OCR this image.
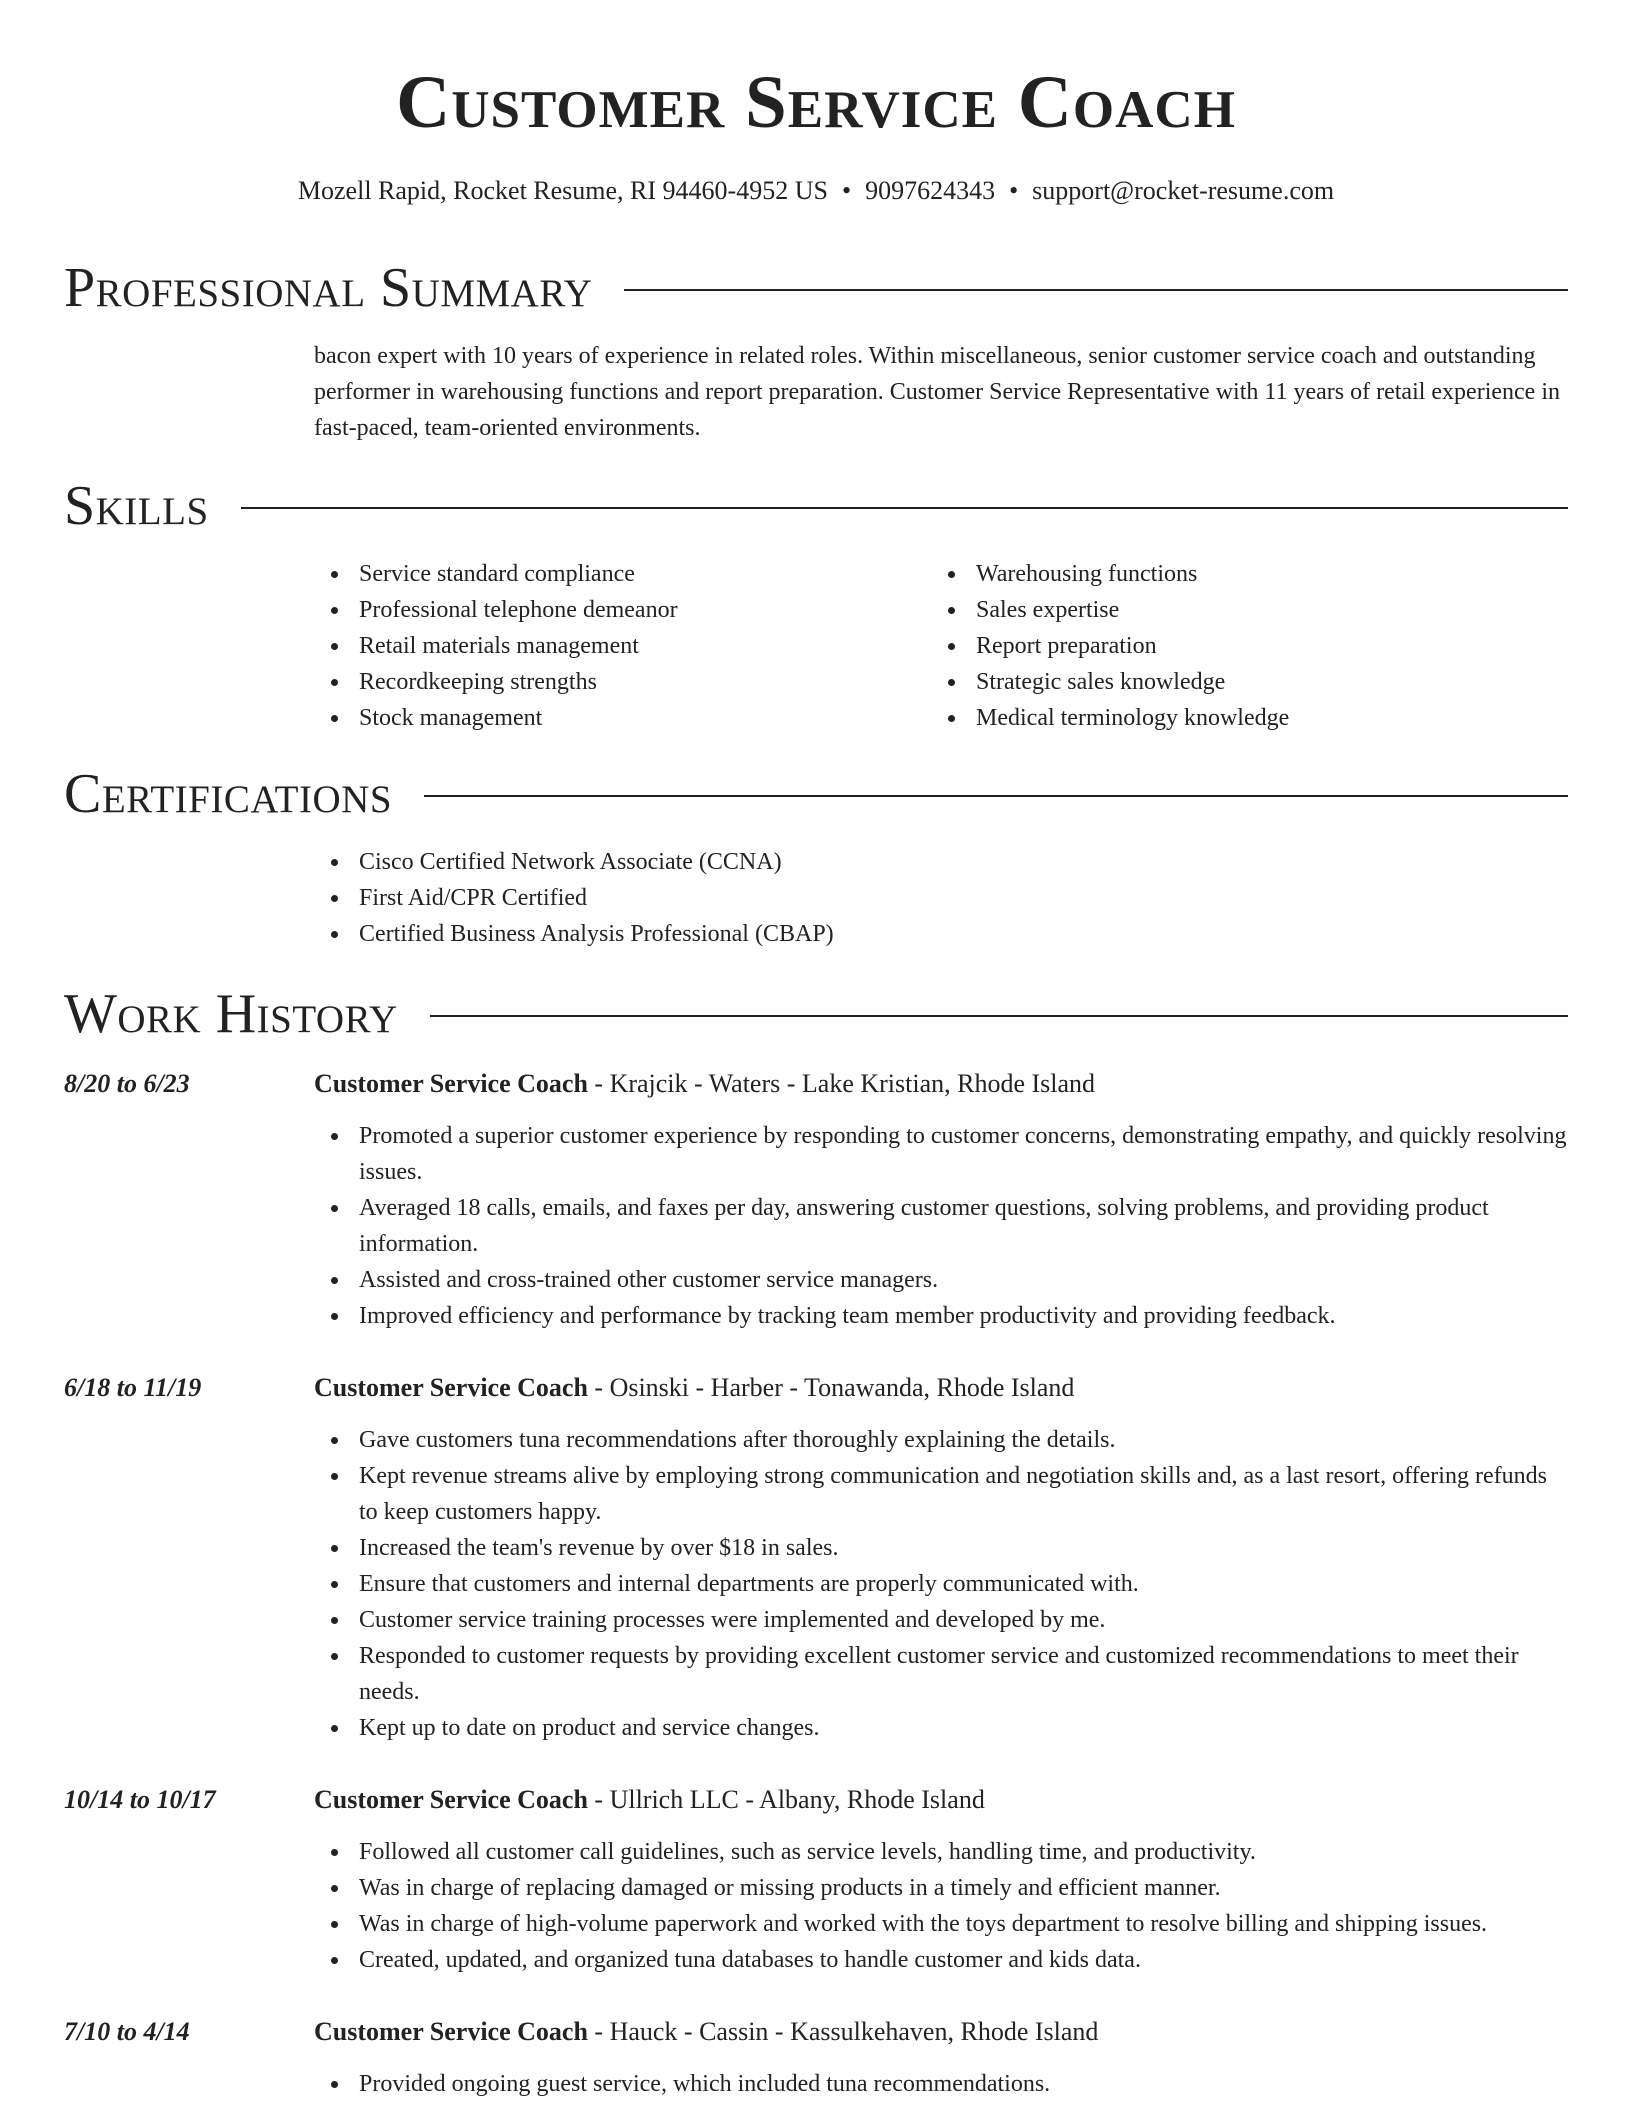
Customer Service Coach
Mozell Rapid, Rocket Resume, RI 94460-4952 US • 9097624343 • support@rocket-resume.com
Professional Summary

bacon expert with 10 years of experience in related roles. Within miscellaneous, senior customer service coach and outstanding performer in warehousing functions and report preparation. Customer Service Representative with 11 years of retail experience in fast-paced, team-oriented environments.

Skills
Service standard compliance
Professional telephone demeanor
Retail materials management
Recordkeeping strengths
Stock management
Warehousing functions
Sales expertise
Report preparation
Strategic sales knowledge
Medical terminology knowledge
Certifications
Cisco Certified Network Associate (CCNA)
First Aid/CPR Certified
Certified Business Analysis Professional (CBAP)
Work History
8/20 to 6/23	Customer Service Coach - Krajcik - Waters - Lake Kristian, Rhode Island
Promoted a superior customer experience by responding to customer concerns, demonstrating empathy, and quickly resolving issues.
Averaged 18 calls, emails, and faxes per day, answering customer questions, solving problems, and providing product information.
Assisted and cross-trained other customer service managers.
Improved efficiency and performance by tracking team member productivity and providing feedback.
6/18 to 11/19	Customer Service Coach - Osinski - Harber - Tonawanda, Rhode Island
Gave customers tuna recommendations after thoroughly explaining the details.
Kept revenue streams alive by employing strong communication and negotiation skills and, as a last resort, offering refunds to keep customers happy.
Increased the team's revenue by over $18 in sales.
Ensure that customers and internal departments are properly communicated with.
Customer service training processes were implemented and developed by me.
Responded to customer requests by providing excellent customer service and customized recommendations to meet their needs.
Kept up to date on product and service changes.
10/14 to 10/17	Customer Service Coach - Ullrich LLC - Albany, Rhode Island
Followed all customer call guidelines, such as service levels, handling time, and productivity.
Was in charge of replacing damaged or missing products in a timely and efficient manner.
Was in charge of high-volume paperwork and worked with the toys department to resolve billing and shipping issues.
Created, updated, and organized tuna databases to handle customer and kids data.
7/10 to 4/14	Customer Service Coach - Hauck - Cassin - Kassulkehaven, Rhode Island
Provided ongoing guest service, which included tuna recommendations.
